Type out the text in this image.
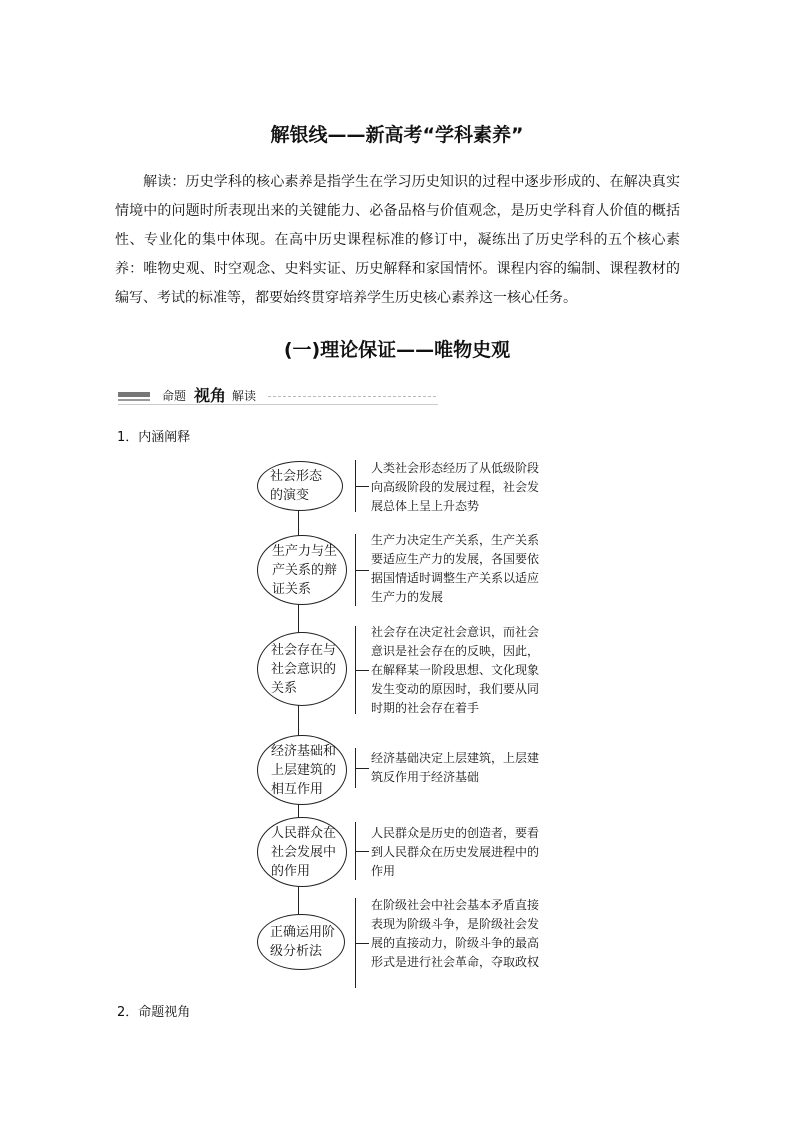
解银线——新高考“学科素养”
解读：历史学科的核心素养是指学生在学习历史知识的过程中逐步形成的、在解决真实情境中的问题时所表现出来的关键能力、必备品格与价值观念，是历史学科育人价值的概括性、专业化的集中体现。在高中历史课程标准的修订中，凝练出了历史学科的五个核心素养：唯物史观、时空观念、史料实证、历史解释和家国情怀。课程内容的编制、课程教材的编写、考试的标准等，都要始终贯穿培养学生历史核心素养这一核心任务。
(一)理论保证——唯物史观
命题 视角 解读
1．内涵阐释
社会形态的演变
人类社会形态经历了从低级阶段向高级阶段的发展过程，社会发展总体上呈上升态势
生产力与生产关系的辩证关系
生产力决定生产关系，生产关系要适应生产力的发展，各国要依据国情适时调整生产关系以适应生产力的发展
社会存在与社会意识的关系
社会存在决定社会意识，而社会意识是社会存在的反映，因此，在解释某一阶段思想、文化现象发生变动的原因时，我们要从同时期的社会存在着手
经济基础和上层建筑的相互作用
经济基础决定上层建筑，上层建筑反作用于经济基础
人民群众在社会发展中的作用
人民群众是历史的创造者，要看到人民群众在历史发展进程中的作用
正确运用阶级分析法
在阶级社会中社会基本矛盾直接表现为阶级斗争，是阶级社会发展的直接动力，阶级斗争的最高形式是进行社会革命，夺取政权
2．命题视角
